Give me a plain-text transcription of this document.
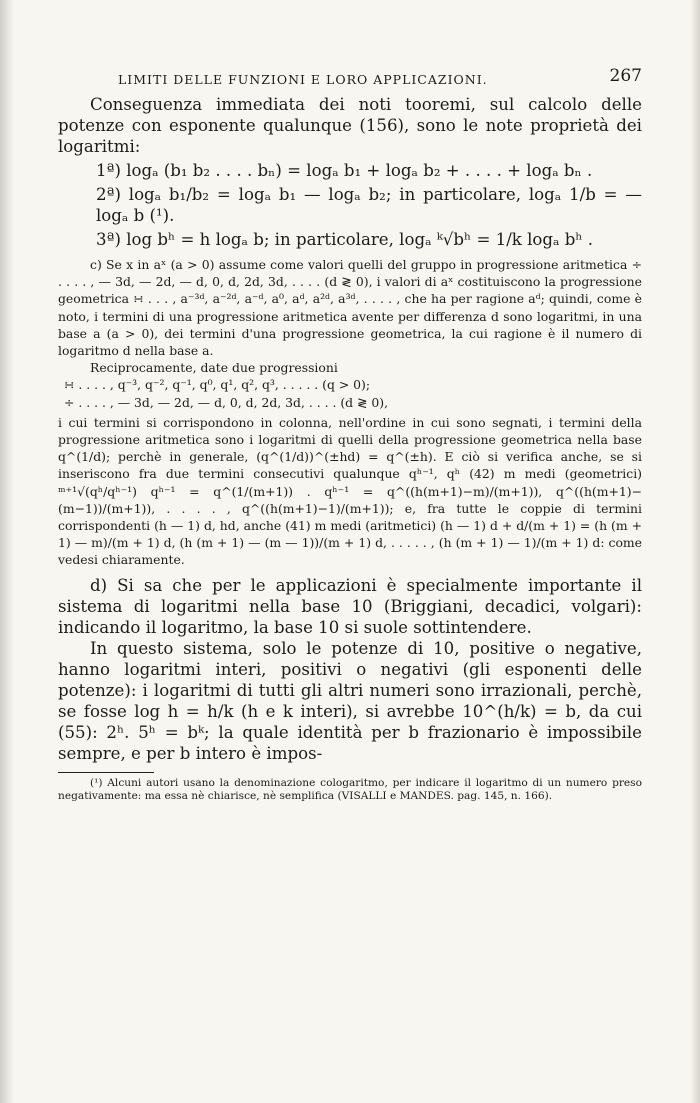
LIMITI DELLE FUNZIONI E LORO APPLICAZIONI.	267

Conseguenza immediata dei noti tooremi, sul calcolo delle potenze con esponente qualunque (156), sono le note proprietà dei logaritmi:

1ª) logₐ (b₁ b₂ . . . . bₙ) = logₐ b₁ + logₐ b₂ + . . . . + logₐ bₙ .

2ª) logₐ b₁/b₂ = logₐ b₁ — logₐ b₂; in particolare, logₐ 1/b = — logₐ b (¹).

3ª) log bʰ = h logₐ b; in particolare, logₐ ᵏ√bʰ = 1/k logₐ bʰ .

c) Se x in aˣ (a > 0) assume come valori quelli del gruppo in progressione aritmetica ÷ . . . . , — 3d, — 2d, — d, 0, d, 2d, 3d, . . . . (d ≷ 0), i valori di aˣ costituiscono la progressione geometrica ∺ . . . , a⁻³ᵈ, a⁻²ᵈ, a⁻ᵈ, a⁰, aᵈ, a²ᵈ, a³ᵈ, . . . . , che ha per ragione aᵈ; quindi, come è noto, i termini di una progressione aritmetica avente per differenza d sono logaritmi, in una base a (a > 0), dei termini d'una progressione geometrica, la cui ragione è il numero di logaritmo d nella base a.

Reciprocamente, date due progressioni

∺ . . . . , q⁻³, q⁻², q⁻¹, q⁰, q¹, q², q³, . . . . . (q > 0);

÷ . . . . , — 3d, — 2d, — d, 0, d, 2d, 3d, . . . . (d ≷ 0),

i cui termini si corrispondono in colonna, nell'ordine in cui sono segnati, i termini della progressione aritmetica sono i logaritmi di quelli della progressione geometrica nella base q^(1/d); perchè in generale, (q^(1/d))^(±hd) = q^(±h). E ciò si verifica anche, se si inseriscono fra due termini consecutivi qualunque qʰ⁻¹, qʰ (42) m medi (geometrici) ᵐ⁺¹√(qʰ/qʰ⁻¹) qʰ⁻¹ = q^(1/(m+1)) . qʰ⁻¹ = q^((h(m+1)−m)/(m+1)), q^((h(m+1)−(m−1))/(m+1)), . . . . , q^((h(m+1)−1)/(m+1)); e, fra tutte le coppie di termini corrispondenti (h — 1) d, hd, anche (41) m medi (aritmetici) (h — 1) d + d/(m + 1) = (h (m + 1) — m)/(m + 1) d, (h (m + 1) — (m — 1))/(m + 1) d, . . . . . , (h (m + 1) — 1)/(m + 1) d: come vedesi chiaramente.

d) Si sa che per le applicazioni è specialmente importante il sistema di logaritmi nella base 10 (Briggiani, decadici, volgari): indicando il logaritmo, la base 10 si suole sottintendere.

In questo sistema, solo le potenze di 10, positive o negative, hanno logaritmi interi, positivi o negativi (gli esponenti delle potenze): i logaritmi di tutti gli altri numeri sono irrazionali, perchè, se fosse log h = h/k (h e k interi), si avrebbe 10^(h/k) = b, da cui (55): 2ʰ. 5ʰ = bᵏ; la quale identità per b frazionario è impossibile sempre, e per b intero è impos-

(¹) Alcuni autori usano la denominazione cologaritmo, per indicare il logaritmo di un numero preso negativamente: ma essa nè chiarisce, nè semplifica (VISALLI e MANDES. pag. 145, n. 166).
